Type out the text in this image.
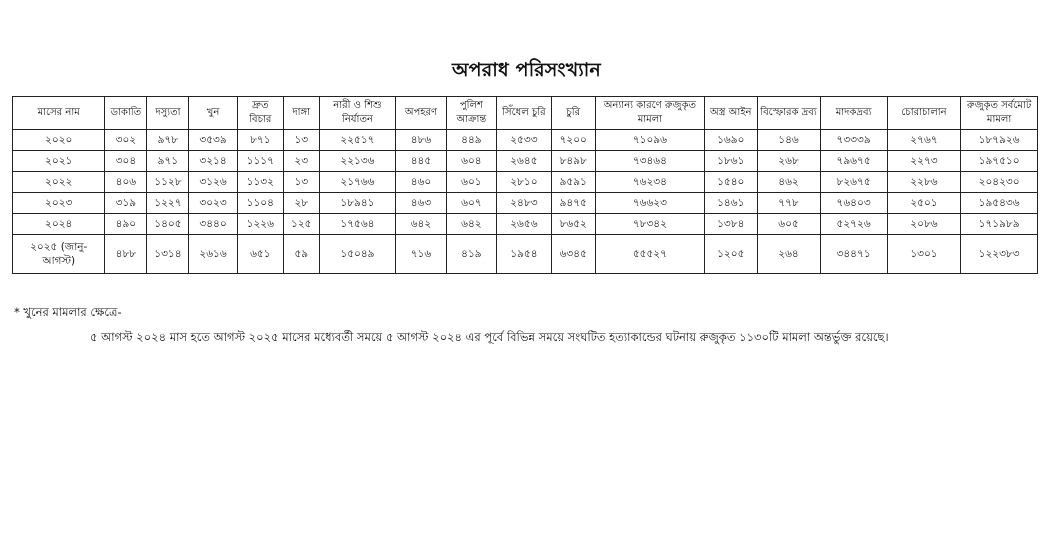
অপরাধ পরিসংখ্যান
মাসের নাম	ডাকাতি	দস্যুতা	খুন	দ্রুত বিচার	দাঙ্গা	নারী ও শিশু নির্যাতন	অপহরণ	পুলিশ আক্রান্ত	সিঁধেল চুরি	চুরি	অন্যান্য কারণে রুজুকৃত মামলা	অস্ত্র আইন	বিস্ফোরক দ্রব্য	মাদকদ্রব্য	চোরাচালান	রুজুকৃত সর্বমোট মামলা
২০২০	৩০২	৯৭৮	৩৫৩৯	৮৭১	১৩	২২৫১৭	৪৮৬	৪৪৯	২৫৩৩	৭২০০	৭১০৯৬	১৬৯০	১৪৬	৭৩৩৩৯	২৭৬৭	১৮৭৯২৬
২০২১	৩০৪	৯৭১	৩২১৪	১১১৭	২৩	২২১৩৬	৪৪৫	৬০৪	২৬৪৫	৮৪৯৮	৭৩৪৬৪	১৮৬১	২৬৮	৭৯৬৭৫	২২৭৩	১৯৭৫১০
২০২২	৪০৬	১১২৮	৩১২৬	১১৩২	১৩	২১৭৬৬	৪৬০	৬০১	২৮১০	৯৫৯১	৭৬২৩৪	১৫৪০	৪৬২	৮২৬৭৫	২২৮৬	২০৪২৩০
২০২৩	৩১৯	১২২৭	৩০২৩	১১০৪	২৮	১৮৯৪১	৪৬৩	৬০৭	২৪৮৩	৯৪৭৫	৭৬৬২৩	১৪৬১	৭৭৮	৭৬৪০৩	২৫০১	১৯৫৪৩৬
২০২৪	৪৯০	১৪০৫	৩৪৪০	১২২৬	১২৫	১৭৫৬৪	৬৪২	৬৪২	২৬৫৬	৮৬৫২	৭৮৩৪২	১৩৮৪	৬০৫	৫২৭২৬	২০৮৬	১৭১৯৮৯
২০২৫ (জানু-আগস্ট)	৪৮৮	১৩১৪	২৬১৬	৬৫১	৫৯	১৫০৪৯	৭১৬	৪১৯	১৯৫৪	৬৩৪৫	৫৫৫২৭	১২০৫	২৬৪	৩৪৪৭১	১৩০১	১২২৩৮৩
* খুনের মামলার ক্ষেত্রে-
৫ আগস্ট ২০২৪ মাস হতে আগস্ট ২০২৫ মাসের মধ্যেবর্তী সময়ে ৫ আগস্ট ২০২৪ এর পূর্বে বিভিন্ন সময়ে সংঘটিত হত্যাকান্ডের ঘটনায় রুজুকৃত ১১৩০টি মামলা অন্তর্ভুক্ত রয়েছে।
